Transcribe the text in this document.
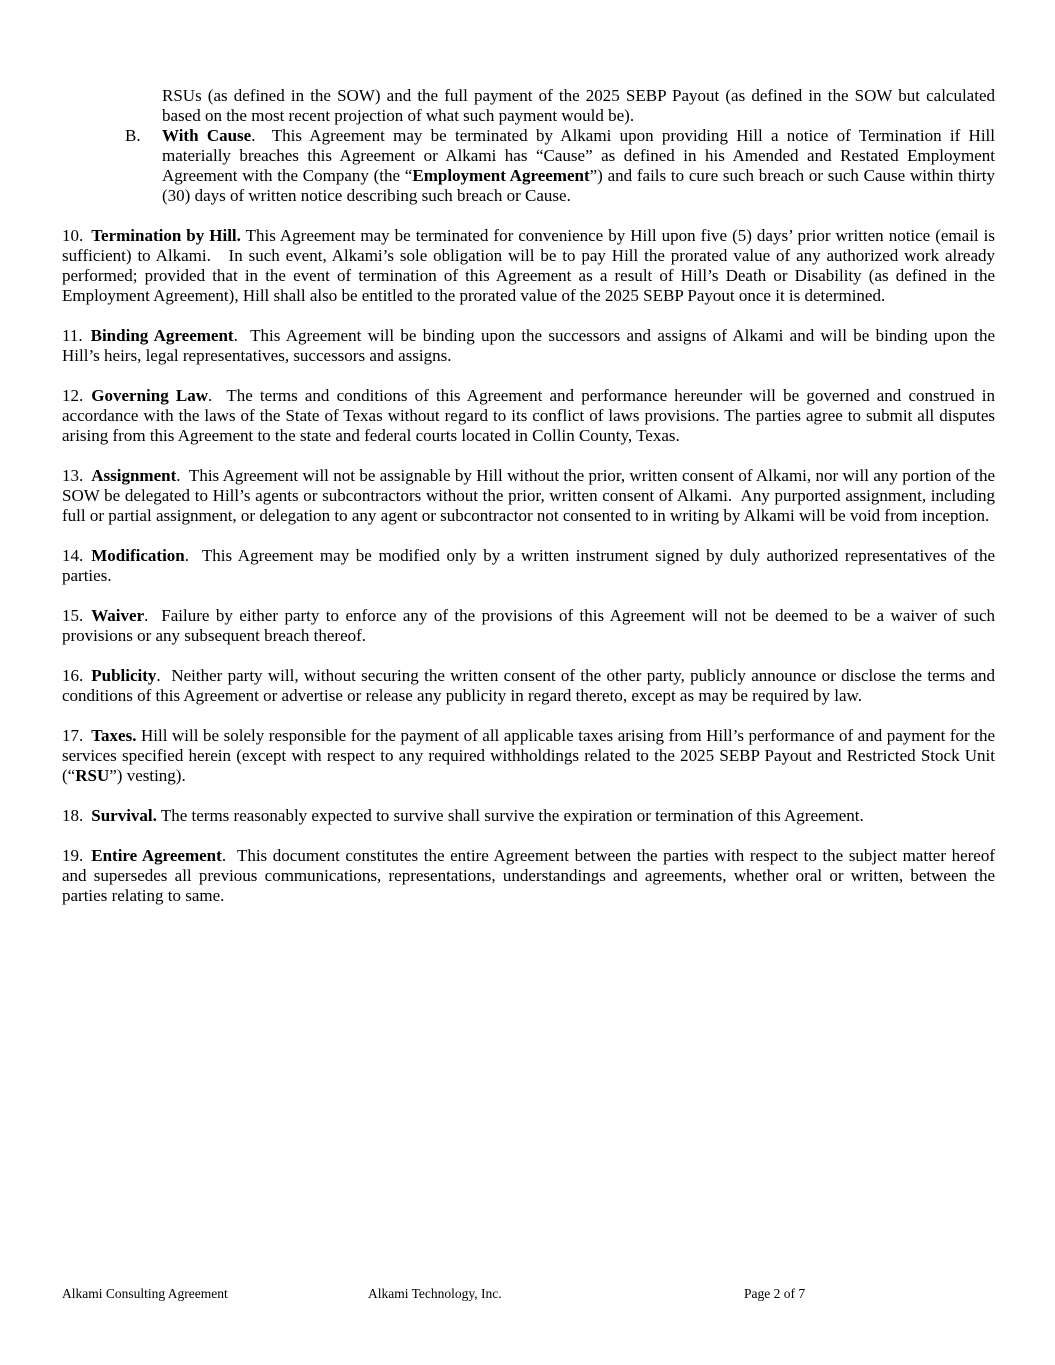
RSUs (as defined in the SOW) and the full payment of the 2025 SEBP Payout (as defined in the SOW but calculated based on the most recent projection of what such payment would be).

B. With Cause.  This Agreement may be terminated by Alkami upon providing Hill a notice of Termination if Hill materially breaches this Agreement or Alkami has “Cause” as defined in his Amended and Restated Employment Agreement with the Company (the “Employment Agreement”) and fails to cure such breach or such Cause within thirty (30) days of written notice describing such breach or Cause.

10. Termination by Hill. This Agreement may be terminated for convenience by Hill upon five (5) days’ prior written notice (email is sufficient) to Alkami.   In such event, Alkami’s sole obligation will be to pay Hill the prorated value of any authorized work already performed; provided that in the event of termination of this Agreement as a result of Hill’s Death or Disability (as defined in the Employment Agreement), Hill shall also be entitled to the prorated value of the 2025 SEBP Payout once it is determined.

11. Binding Agreement.  This Agreement will be binding upon the successors and assigns of Alkami and will be binding upon the Hill’s heirs, legal representatives, successors and assigns.

12. Governing Law.  The terms and conditions of this Agreement and performance hereunder will be governed and construed in accordance with the laws of the State of Texas without regard to its conflict of laws provisions. The parties agree to submit all disputes arising from this Agreement to the state and federal courts located in Collin County, Texas.

13. Assignment.  This Agreement will not be assignable by Hill without the prior, written consent of Alkami, nor will any portion of the SOW be delegated to Hill’s agents or subcontractors without the prior, written consent of Alkami.  Any purported assignment, including full or partial assignment, or delegation to any agent or subcontractor not consented to in writing by Alkami will be void from inception.

14. Modification.  This Agreement may be modified only by a written instrument signed by duly authorized representatives of the parties.

15. Waiver.  Failure by either party to enforce any of the provisions of this Agreement will not be deemed to be a waiver of such provisions or any subsequent breach thereof.

16. Publicity.  Neither party will, without securing the written consent of the other party, publicly announce or disclose the terms and conditions of this Agreement or advertise or release any publicity in regard thereto, except as may be required by law.

17. Taxes. Hill will be solely responsible for the payment of all applicable taxes arising from Hill’s performance of and payment for the services specified herein (except with respect to any required withholdings related to the 2025 SEBP Payout and Restricted Stock Unit (“RSU”) vesting).

18. Survival. The terms reasonably expected to survive shall survive the expiration or termination of this Agreement.

19. Entire Agreement.  This document constitutes the entire Agreement between the parties with respect to the subject matter hereof and supersedes all previous communications, representations, understandings and agreements, whether oral or written, between the parties relating to same.

Alkami Consulting Agreement	Alkami Technology, Inc.	Page 2 of 7
